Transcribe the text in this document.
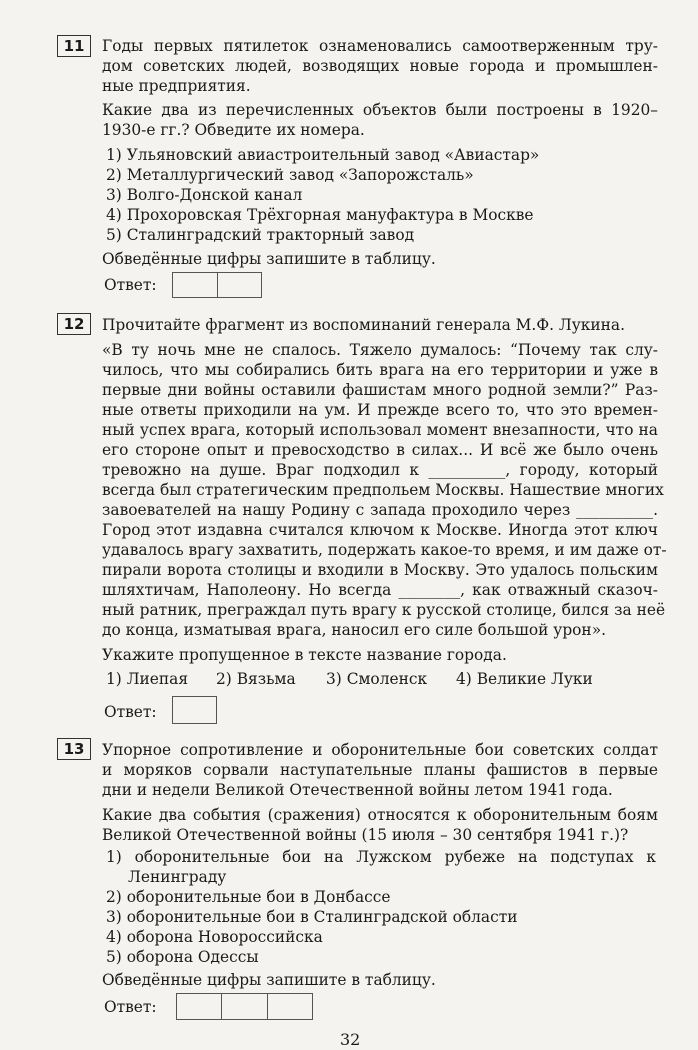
11	Годы первых пятилеток ознаменовались самоотверженным тру-
дом советских людей, возводящих новые города и промышлен-
ные предприятия.
Какие два из перечисленных объектов были построены в 1920–
1930-е гг.? Обведите их номера.
1) Ульяновский авиастроительный завод «Авиастар»
2) Металлургический завод «Запорожсталь»
3) Волго-Донской канал
4) Прохоровская Трёхгорная мануфактура в Москве
5) Сталинградский тракторный завод
Обведённые цифры запишите в таблицу.
Ответ:
12	Прочитайте фрагмент из воспоминаний генерала М.Ф. Лукина.
«В ту ночь мне не спалось. Тяжело думалось: “Почему так слу-
чилось, что мы собирались бить врага на его территории и уже в
первые дни войны оставили фашистам много родной земли?” Раз-
ные ответы приходили на ум. И прежде всего то, что это времен-
ный успех врага, который использовал момент внезапности, что на
его стороне опыт и превосходство в силах... И всё же было очень
тревожно на душе. Враг подходил к __________, городу, который
всегда был стратегическим предпольем Москвы. Нашествие многих
завоевателей на нашу Родину с запада проходило через __________.
Город этот издавна считался ключом к Москве. Иногда этот ключ
удавалось врагу захватить, подержать какое-то время, и им даже от-
пирали ворота столицы и входили в Москву. Это удалось польским
шляхтичам, Наполеону. Но всегда ________, как отважный сказоч-
ный ратник, преграждал путь врагу к русской столице, бился за неё
до конца, изматывая врага, наносил его силе большой урон».
Укажите пропущенное в тексте название города.
1) Лиепая 2) Вязьма 3) Смоленск 4) Великие Луки
Ответ:
13	Упорное сопротивление и оборонительные бои советских солдат
и моряков сорвали наступательные планы фашистов в первые
дни и недели Великой Отечественной войны летом 1941 года.
Какие два события (сражения) относятся к оборонительным боям
Великой Отечественной войны (15 июля – 30 сентября 1941 г.)?
1) оборонительные бои на Лужском рубеже на подступах к
Ленинграду
2) оборонительные бои в Донбассе
3) оборонительные бои в Сталинградской области
4) оборона Новороссийска
5) оборона Одессы
Обведённые цифры запишите в таблицу.
Ответ:
32
